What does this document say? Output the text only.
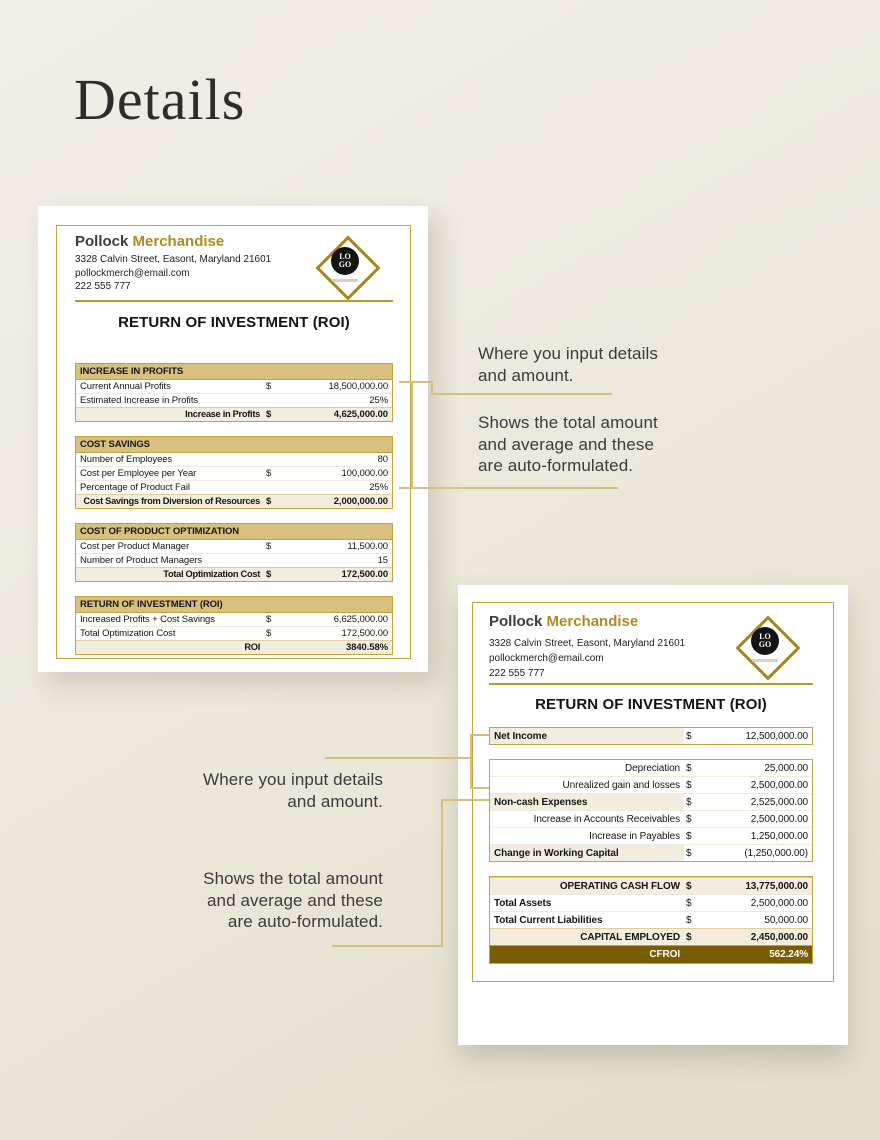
Details
Pollock Merchandise
3328 Calvin Street, Easont, Maryland 21601
pollockmerch@email.com
222 555 777
LO
GO
RETURN OF INVESTMENT (ROI)
INCREASE IN PROFITS
Current Annual Profits	$	18,500,000.00
Estimated Increase in Profits	25%
Increase in Profits $	4,625,000.00
COST SAVINGS
Number of Employees	80
Cost per Employee per Year	$	100,000.00
Percentage of Product Fail	25%
Cost Savings from Diversion of Resources $	2,000,000.00
COST OF PRODUCT OPTIMIZATION
Cost per Product Manager	$	11,500.00
Number of Product Managers	15
Total Optimization Cost $	172,500.00
RETURN OF INVESTMENT (ROI)
Increased Profits + Cost Savings	$	6,625,000.00
Total Optimization Cost	$	172,500.00
ROI	3840.58%
Pollock Merchandise
3328 Calvin Street, Easont, Maryland 21601
pollockmerch@email.com
222 555 777
LO
GO
RETURN OF INVESTMENT (ROI)
Net Income	$	12,500,000.00
Depreciation $	25,000.00
Unrealized gain and losses $	2,500,000.00
Non-cash Expenses	$	2,525,000.00
Increase in Accounts Receivables $	2,500,000.00
Increase in Payables $	1,250,000.00
Change in Working Capital	$	(1,250,000.00)
OPERATING CASH FLOW $	13,775,000.00
Total Assets	$	2,500,000.00
Total Current Liabilities	$	50,000.00
CAPITAL EMPLOYED $	2,450,000.00
CFROI	562.24%
Where you input details
and amount.
Shows the total amount
and average and these
are auto-formulated.
Where you input details
and amount.
Shows the total amount
and average and these
are auto-formulated.
